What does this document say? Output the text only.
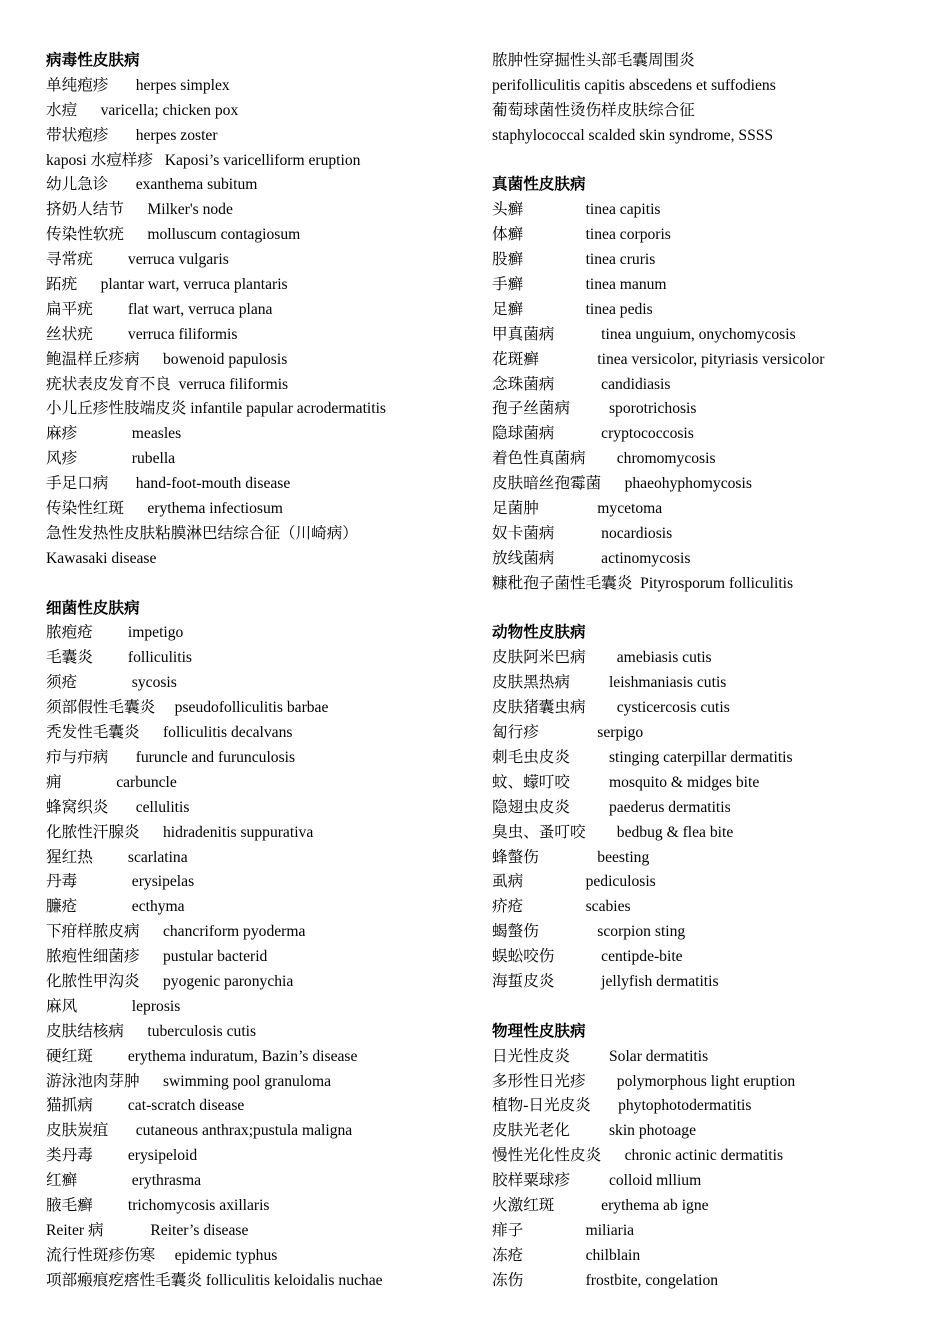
病毒性皮肤病
单纯疱疹 herpes simplex
水痘 varicella; chicken pox
带状疱疹 herpes zoster
kaposi 水痘样疹 Kaposi’s varicelliform eruption
幼儿急诊 exanthema subitum
挤奶人结节 Milker's node
传染性软疣 molluscum contagiosum
寻常疣 verruca vulgaris
跖疣 plantar wart, verruca plantaris
扁平疣 flat wart, verruca plana
丝状疣 verruca filiformis
鲍温样丘疹病 bowenoid papulosis
疣状表皮发育不良 verruca filiformis
小儿丘疹性肢端皮炎 infantile papular acrodermatitis
麻疹	measles
风疹	rubella
手足口病 hand-foot-mouth disease
传染性红斑 erythema infectiosum
急性发热性皮肤粘膜淋巴结综合征（川崎病）
Kawasaki disease
细菌性皮肤病
脓疱疮 impetigo
毛囊炎 folliculitis
须疮	sycosis
须部假性毛囊炎 pseudofolliculitis barbae
秃发性毛囊炎 folliculitis decalvans
疖与疖病 furuncle and furunculosis
痈	carbuncle
蜂窝织炎 cellulitis
化脓性汗腺炎 hidradenitis suppurativa
猩红热 scarlatina
丹毒	erysipelas
臁疮	ecthyma
下疳样脓皮病 chancriform pyoderma
脓疱性细菌疹 pustular bacterid
化脓性甲沟炎 pyogenic paronychia
麻风	leprosis
皮肤结核病 tuberculosis cutis
硬红斑 erythema induratum, Bazin’s disease
游泳池肉芽肿 swimming pool granuloma
猫抓病 cat-scratch disease
皮肤炭疽 cutaneous anthrax;pustula maligna
类丹毒 erysipeloid
红癣	erythrasma
腋毛癣 trichomycosis axillaris
Reiter 病	Reiter’s disease
流行性斑疹伤寒 epidemic typhus
项部瘢痕疙瘩性毛囊炎 folliculitis keloidalis nuchae
脓肿性穿掘性头部毛囊周围炎
perifolliculitis capitis abscedens et suffodiens
葡萄球菌性烫伤样皮肤综合征
staphylococcal scalded skin syndrome, SSSS
真菌性皮肤病
头癣	tinea capitis
体癣	tinea corporis
股癣	tinea cruris
手癣	tinea manum
足癣	tinea pedis
甲真菌病	tinea unguium, onychomycosis
花斑癣	tinea versicolor, pityriasis versicolor
念珠菌病	candidiasis
孢子丝菌病 sporotrichosis
隐球菌病	cryptococcosis
着色性真菌病 chromomycosis
皮肤暗丝孢霉菌 phaeohyphomycosis
足菌肿	mycetoma
奴卡菌病	nocardiosis
放线菌病	actinomycosis
糠秕孢子菌性毛囊炎 Pityrosporum folliculitis
动物性皮肤病
皮肤阿米巴病 amebiasis cutis
皮肤黑热病 leishmaniasis cutis
皮肤猪囊虫病 cysticercosis cutis
匐行疹	serpigo
刺毛虫皮炎 stinging caterpillar dermatitis
蚊、蠓叮咬 mosquito & midges bite
隐翅虫皮炎 paederus dermatitis
臭虫、蚤叮咬 bedbug & flea bite
蜂螫伤	beesting
虱病	pediculosis
疥疮	scabies
蝎螫伤	scorpion sting
蜈蚣咬伤	centipde-bite
海蜇皮炎	jellyfish dermatitis
物理性皮肤病
日光性皮炎 Solar dermatitis
多形性日光疹 polymorphous light eruption
植物-日光皮炎 phytophotodermatitis
皮肤光老化 skin photoage
慢性光化性皮炎 chronic actinic dermatitis
胶样粟球疹 colloid mllium
火激红斑	erythema ab igne
痱子	miliaria
冻疮	chilblain
冻伤	frostbite, congelation
